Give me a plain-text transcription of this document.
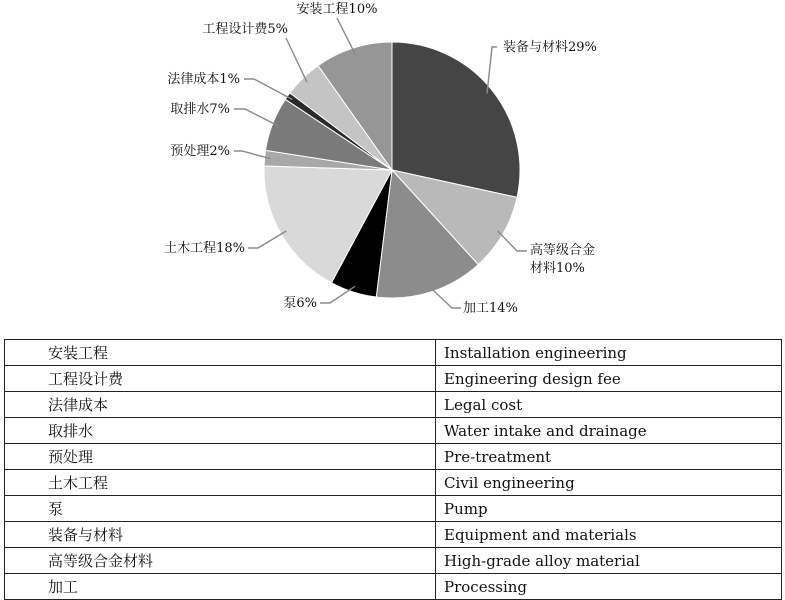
装备与材料29%
高等级合金
材料10%
加工14%
泵6%
土木工程18%
预处理2%
取排水7%
法律成本1%
工程设计费5%
安装工程10%
安装工程	Installation engineering
工程设计费	Engineering design fee
法律成本	Legal cost
取排水	Water intake and drainage
预处理	Pre-treatment
土木工程	Civil engineering
泵	Pump
装备与材料	Equipment and materials
高等级合金材料	High-grade alloy material
加工	Processing
